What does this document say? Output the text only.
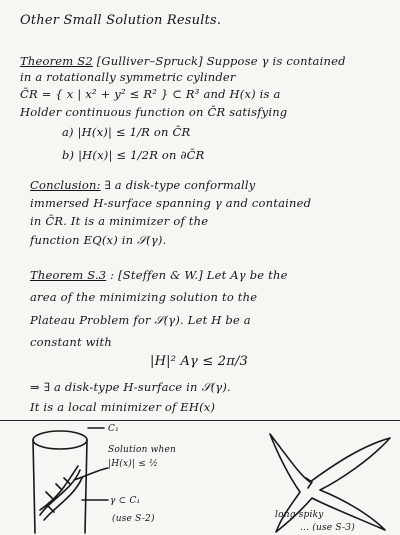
Other Small Solution Results.
Theorem S2 [Gulliver–Spruck] Suppose γ is contained
in a rotationally symmetric cylinder
C̄R = { x | x² + y² ≤ R² } ⊂ R³ and H(x) is a
Holder continuous function on C̄R satisfying
a) |H(x)| ≤ 1/R on C̄R
b) |H(x)| ≤ 1/2R on ∂C̄R
Conclusion: ∃ a disk-type conformally
immersed H-surface spanning γ and contained
in C̄R. It is a minimizer of the
function EQ(x) in 𝒮(γ).
Theorem S.3 : [Steffen & W.] Let Aγ be the
area of the minimizing solution to the
Plateau Problem for 𝒮(γ). Let H be a
constant with
|H|² Aγ ≤ 2π/3
⇒ ∃ a disk-type H-surface in 𝒮(γ).
It is a local minimizer of EH(x)
C₁
Solution when
|H(x)| ≤ ½
γ ⊂ C₁
(use S-2)	long spiky
... (use S-3)
